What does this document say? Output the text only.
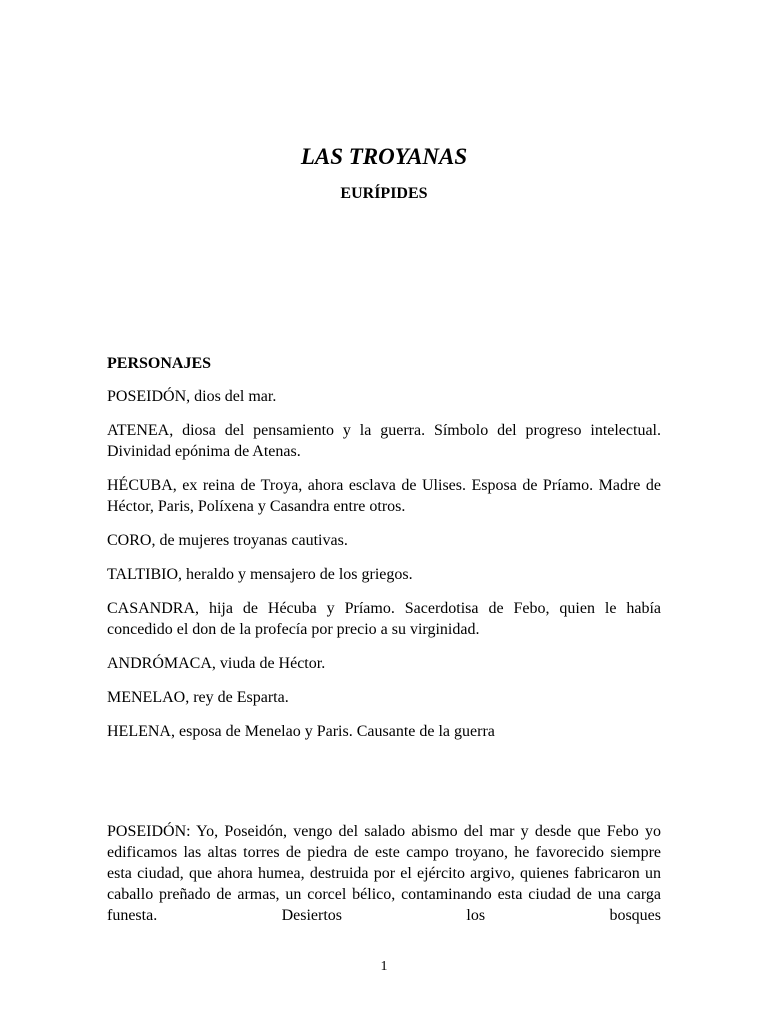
LAS TROYANAS
EURÍPIDES
PERSONAJES

POSEIDÓN, dios del mar.

ATENEA, diosa del pensamiento y la guerra. Símbolo del progreso intelectual. Divinidad epónima de Atenas.

HÉCUBA, ex reina de Troya, ahora esclava de Ulises. Esposa de Príamo. Madre de Héctor, Paris, Políxena y Casandra entre otros.

CORO, de mujeres troyanas cautivas.

TALTIBIO, heraldo y mensajero de los griegos.

CASANDRA, hija de Hécuba y Príamo. Sacerdotisa de Febo, quien le había concedido el don de la profecía por precio a su virginidad.

ANDRÓMACA, viuda de Héctor.

MENELAO, rey de Esparta.

HELENA, esposa de Menelao y Paris. Causante de la guerra

POSEIDÓN: Yo, Poseidón, vengo del salado abismo del mar y desde que Febo yo edificamos las altas torres de piedra de este campo troyano, he favorecido siempre esta ciudad, que ahora humea, destruida por el ejército argivo, quienes fabricaron un caballo preñado de armas, un corcel bélico, contaminando esta ciudad de una carga funesta. Desiertos los bosques

1
